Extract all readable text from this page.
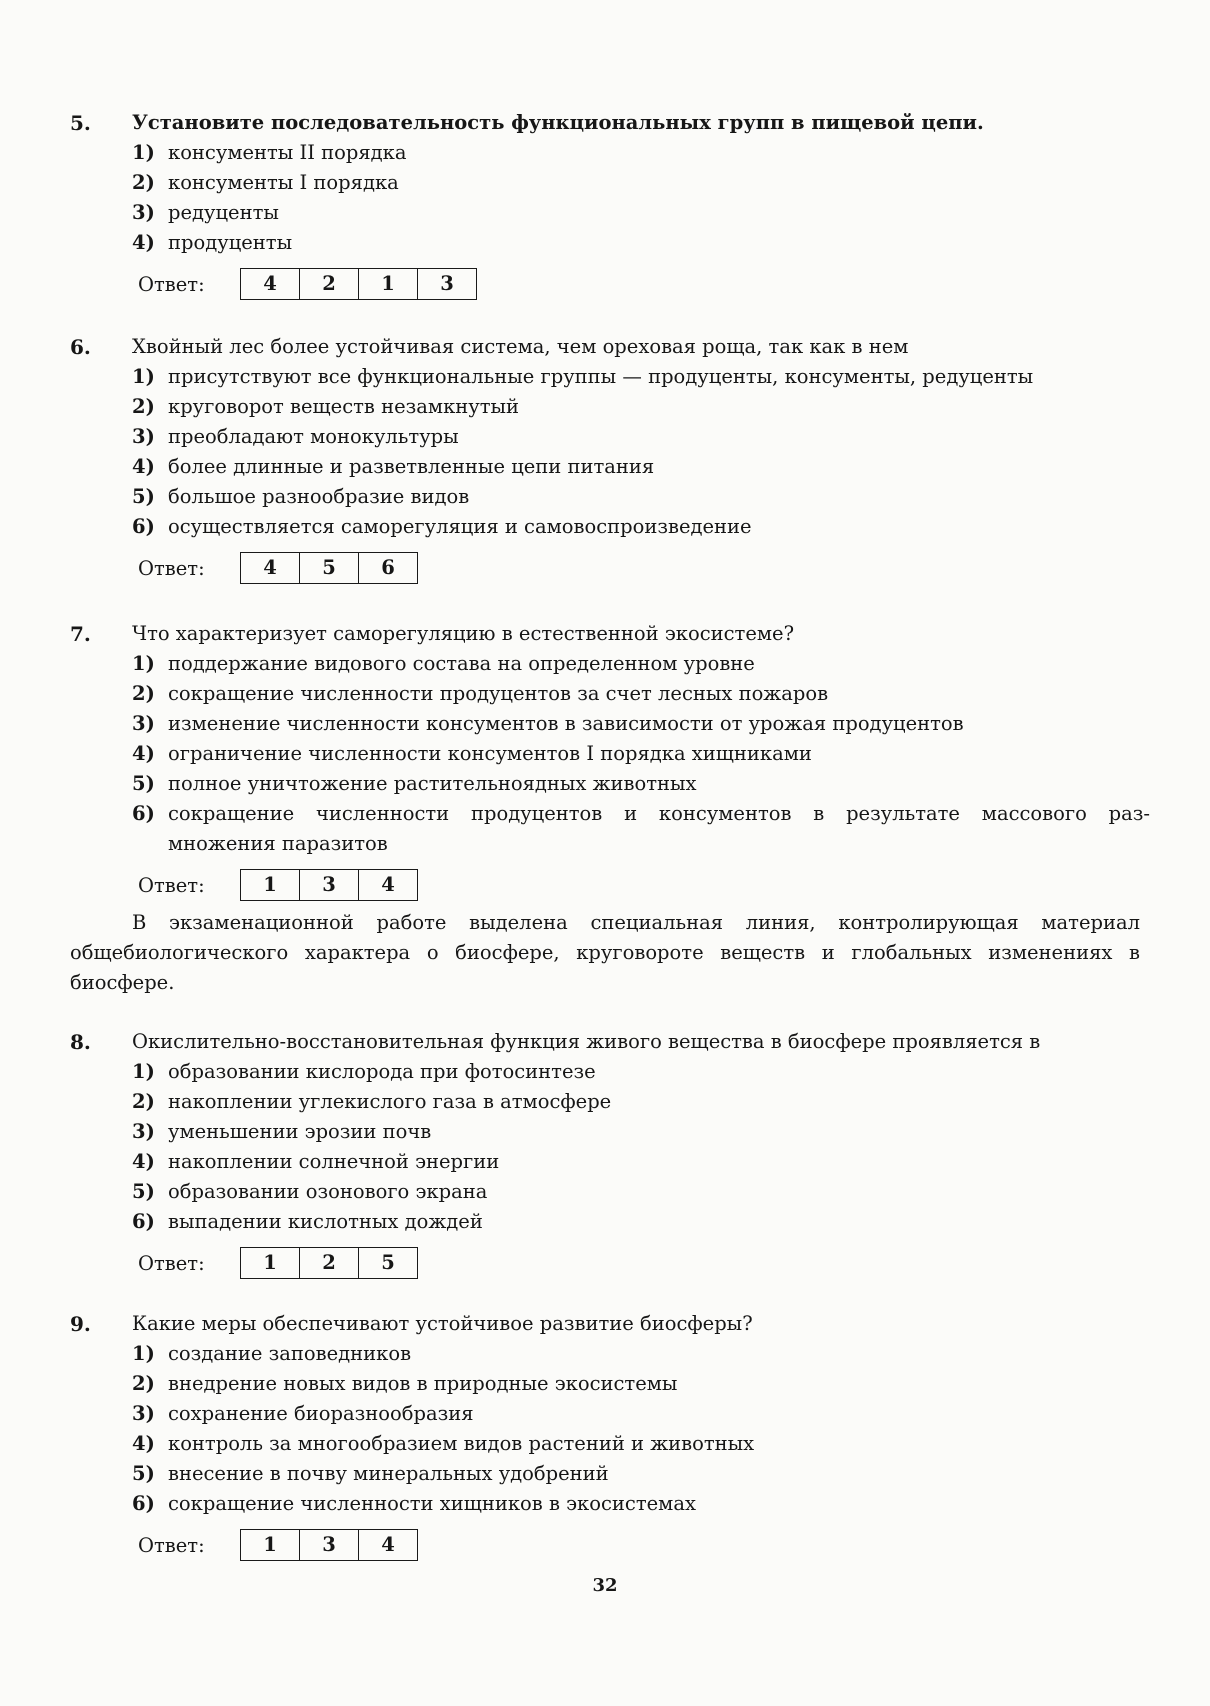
5. Установите последовательность функциональных групп в пищевой цепи.
1) консументы II порядка
2) консументы I порядка
3) редуценты
4) продуценты
Ответ:	4	2	1	3
6. Хвойный лес более устойчивая система, чем ореховая роща, так как в нем
1) присутствуют все функциональные группы — продуценты, консументы, редуценты
2) круговорот веществ незамкнутый
3) преобладают монокультуры
4) более длинные и разветвленные цепи питания
5) большое разнообразие видов
6) осуществляется саморегуляция и самовоспроизведение
Ответ:	4	5	6
7. Что характеризует саморегуляцию в естественной экосистеме?
1) поддержание видового состава на определенном уровне
2) сокращение численности продуцентов за счет лесных пожаров
3) изменение численности консументов в зависимости от урожая продуцентов
4) ограничение численности консументов I порядка хищниками
5) полное уничтожение растительноядных животных
6) сокращение численности продуцентов и консументов в результате массового раз-
множения паразитов
Ответ:	1	3	4
В экзаменационной работе выделена специальная линия, контролирующая материал общебиологического характера о биосфере, круговороте веществ и глобальных изменениях в биосфере.
8. Окислительно-восстановительная функция живого вещества в биосфере проявляется в
1) образовании кислорода при фотосинтезе
2) накоплении углекислого газа в атмосфере
3) уменьшении эрозии почв
4) накоплении солнечной энергии
5) образовании озонового экрана
6) выпадении кислотных дождей
Ответ:	1	2	5
9. Какие меры обеспечивают устойчивое развитие биосферы?
1) создание заповедников
2) внедрение новых видов в природные экосистемы
3) сохранение биоразнообразия
4) контроль за многообразием видов растений и животных
5) внесение в почву минеральных удобрений
6) сокращение численности хищников в экосистемах
Ответ:	1	3	4
32
